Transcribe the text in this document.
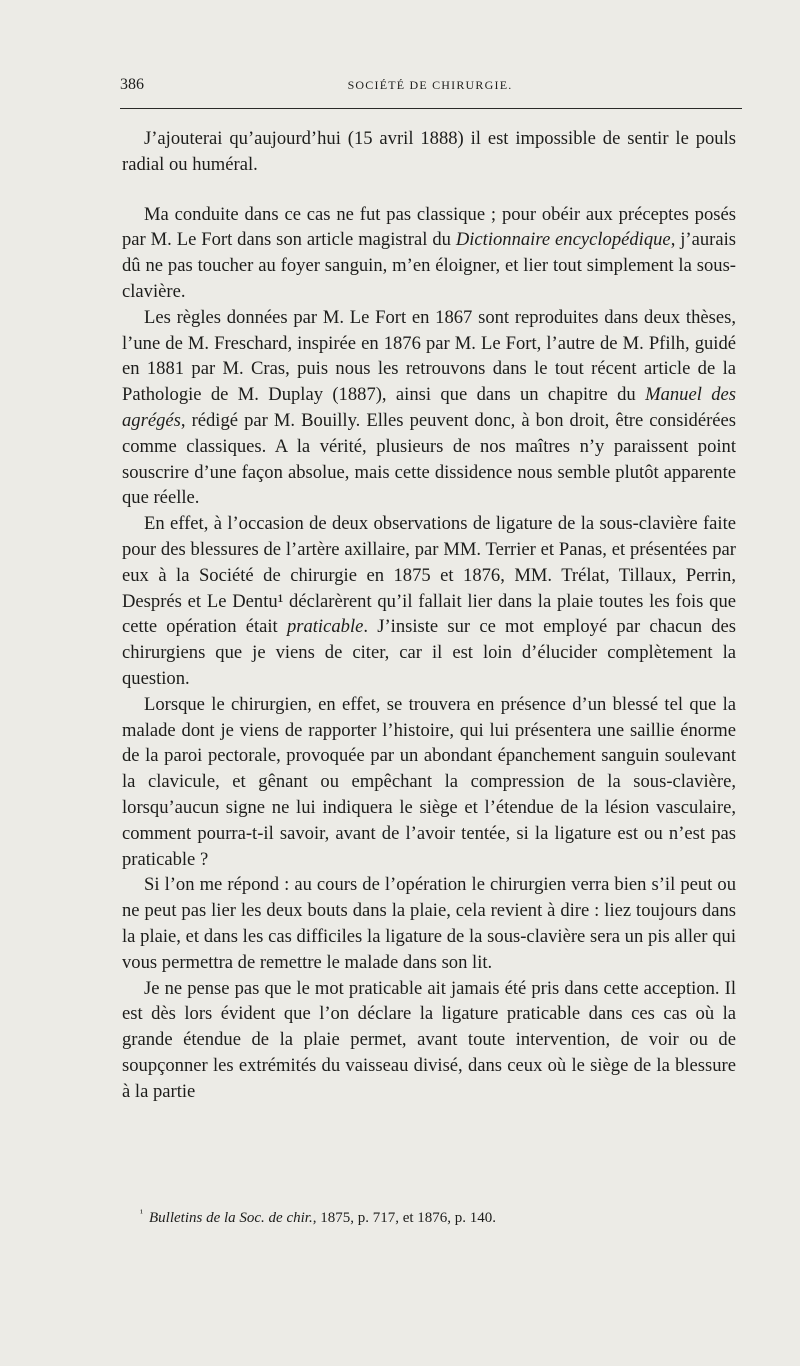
386	SOCIÉTÉ DE CHIRURGIE.

J’ajouterai qu’aujourd’hui (15 avril 1888) il est impossible de sentir le pouls radial ou huméral.

Ma conduite dans ce cas ne fut pas classique ; pour obéir aux préceptes posés par M. Le Fort dans son article magistral du Dictionnaire encyclopédique, j’aurais dû ne pas toucher au foyer sanguin, m’en éloigner, et lier tout simplement la sous-clavière.

Les règles données par M. Le Fort en 1867 sont reproduites dans deux thèses, l’une de M. Freschard, inspirée en 1876 par M. Le Fort, l’autre de M. Pfilh, guidé en 1881 par M. Cras, puis nous les retrouvons dans le tout récent article de la Pathologie de M. Duplay (1887), ainsi que dans un chapitre du Manuel des agrégés, rédigé par M. Bouilly. Elles peuvent donc, à bon droit, être considérées comme classiques. A la vérité, plusieurs de nos maîtres n’y paraissent point souscrire d’une façon absolue, mais cette dissidence nous semble plutôt apparente que réelle.

En effet, à l’occasion de deux observations de ligature de la sous-clavière faite pour des blessures de l’artère axillaire, par MM. Terrier et Panas, et présentées par eux à la Société de chirurgie en 1875 et 1876, MM. Trélat, Tillaux, Perrin, Després et Le Dentu¹ déclarèrent qu’il fallait lier dans la plaie toutes les fois que cette opération était praticable. J’insiste sur ce mot employé par chacun des chirurgiens que je viens de citer, car il est loin d’élucider complètement la question.

Lorsque le chirurgien, en effet, se trouvera en présence d’un blessé tel que la malade dont je viens de rapporter l’histoire, qui lui présentera une saillie énorme de la paroi pectorale, provoquée par un abondant épanchement sanguin soulevant la clavicule, et gênant ou empêchant la compression de la sous-clavière, lorsqu’aucun signe ne lui indiquera le siège et l’étendue de la lésion vasculaire, comment pourra-t-il savoir, avant de l’avoir tentée, si la ligature est ou n’est pas praticable ?

Si l’on me répond : au cours de l’opération le chirurgien verra bien s’il peut ou ne peut pas lier les deux bouts dans la plaie, cela revient à dire : liez toujours dans la plaie, et dans les cas difficiles la ligature de la sous-clavière sera un pis aller qui vous permettra de remettre le malade dans son lit.

Je ne pense pas que le mot praticable ait jamais été pris dans cette acception. Il est dès lors évident que l’on déclare la ligature praticable dans ces cas où la grande étendue de la plaie permet, avant toute intervention, de voir ou de soupçonner les extrémités du vaisseau divisé, dans ceux où le siège de la blessure à la partie

$^{^1}$ Bulletins de la Soc. de chir., 1875, p. 717, et 1876, p. 140.
